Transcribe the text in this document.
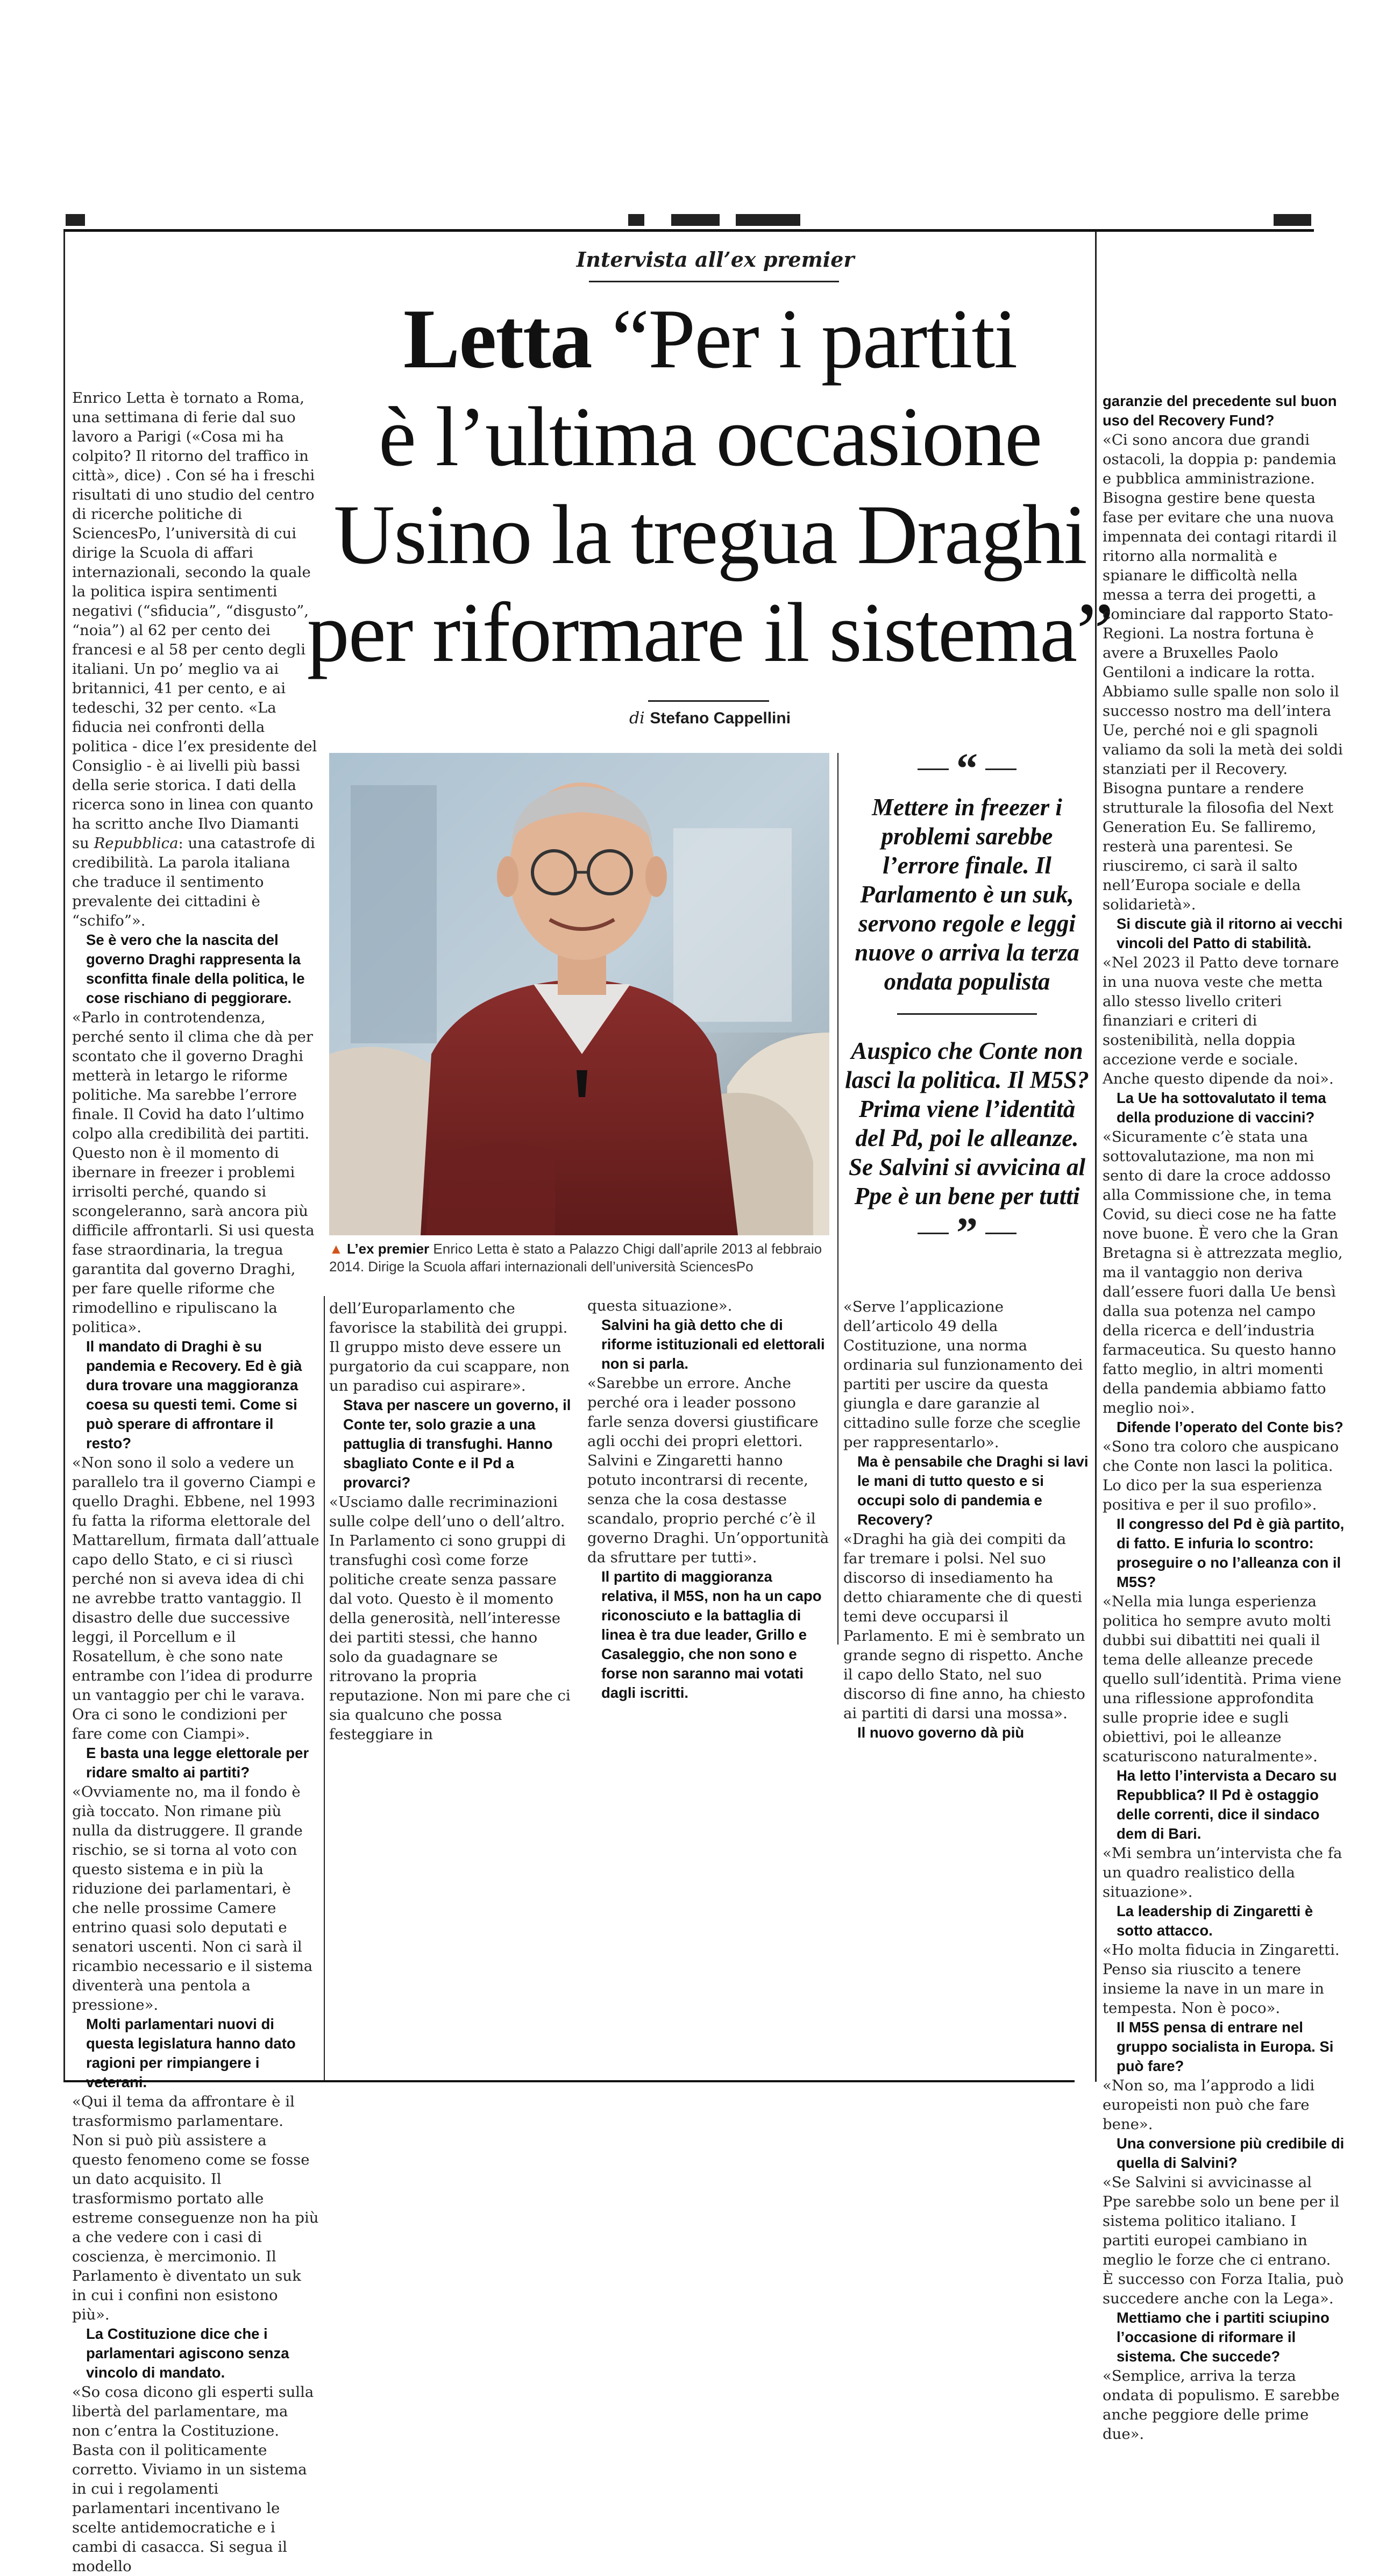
Intervista all’ex premier
Letta “Per i partiti
è l’ultima occasione
Usino la tregua Draghi
per riformare il sistema”
di Stefano Cappellini
▲ L’ex premier Enrico Letta è stato a Palazzo Chigi dall’aprile 2013 al febbraio 2014. Dirige la Scuola affari internazionali dell’università SciencesPo
“
Mettere in freezer i problemi sarebbe l’errore finale. Il Parlamento è un suk, servono regole e leggi nuove o arriva la terza ondata populista
Auspico che Conte non lasci la politica. Il M5S? Prima viene l’identità del Pd, poi le alleanze. Se Salvini si avvicina al Ppe è un bene per tutti
”

Enrico Letta è tornato a Roma, una settimana di ferie dal suo lavoro a Parigi («Cosa mi ha colpito? Il ritorno del traffico in città», dice) . Con sé ha i freschi risultati di uno studio del centro di ricerche politiche di SciencesPo, l’università di cui dirige la Scuola di affari internazionali, secondo la quale la politica ispira sentimenti negativi (“sfiducia”, “disgusto”, “noia”) al 62 per cento dei francesi e al 58 per cento degli italiani. Un po’ meglio va ai britannici, 41 per cento, e ai tedeschi, 32 per cento. «La fiducia nei confronti della politica - dice l’ex presidente del Consiglio - è ai livelli più bassi della serie storica. I dati della ricerca sono in linea con quanto ha scritto anche Ilvo Diamanti su Repubblica: una catastrofe di credibilità. La parola italiana che traduce il sentimento prevalente dei cittadini è “schifo”».

Se è vero che la nascita del governo Draghi rappresenta la sconfitta finale della politica, le cose rischiano di peggiorare.

«Parlo in controtendenza, perché sento il clima che dà per scontato che il governo Draghi metterà in letargo le riforme politiche. Ma sarebbe l’errore finale. Il Covid ha dato l’ultimo colpo alla credibilità dei partiti. Questo non è il momento di ibernare in freezer i problemi irrisolti perché, quando si scongeleranno, sarà ancora più difficile affrontarli. Si usi questa fase straordinaria, la tregua garantita dal governo Draghi, per fare quelle riforme che rimodellino e ripuliscano la politica».

Il mandato di Draghi è su pandemia e Recovery. Ed è già dura trovare una maggioranza coesa su questi temi. Come si può sperare di affrontare il resto?

«Non sono il solo a vedere un parallelo tra il governo Ciampi e quello Draghi. Ebbene, nel 1993 fu fatta la riforma elettorale del Mattarellum, firmata dall’attuale capo dello Stato, e ci si riuscì perché non si aveva idea di chi ne avrebbe tratto vantaggio. Il disastro delle due successive leggi, il Porcellum e il Rosatellum, è che sono nate entrambe con l’idea di produrre un vantaggio per chi le varava. Ora ci sono le condizioni per fare come con Ciampi».

E basta una legge elettorale per ridare smalto ai partiti?

«Ovviamente no, ma il fondo è già toccato. Non rimane più nulla da distruggere. Il grande rischio, se si torna al voto con questo sistema e in più la riduzione dei parlamentari, è che nelle prossime Camere entrino quasi solo deputati e senatori uscenti. Non ci sarà il ricambio necessario e il sistema diventerà una pentola a pressione».

Molti parlamentari nuovi di questa legislatura hanno dato ragioni per rimpiangere i veterani.

«Qui il tema da affrontare è il trasformismo parlamentare. Non si può più assistere a questo fenomeno come se fosse un dato acquisito. Il trasformismo portato alle estreme conseguenze non ha più a che vedere con i casi di coscienza, è mercimonio. Il Parlamento è diventato un suk in cui i confini non esistono più».

La Costituzione dice che i parlamentari agiscono senza vincolo di mandato.

«So cosa dicono gli esperti sulla libertà del parlamentare, ma non c’entra la Costituzione. Basta con il politicamente corretto. Viviamo in un sistema in cui i regolamenti parlamentari incentivano le scelte antidemocratiche e i cambi di casacca. Si segua il modello

dell’Europarlamento che favorisce la stabilità dei gruppi. Il gruppo misto deve essere un purgatorio da cui scappare, non un paradiso cui aspirare».

Stava per nascere un governo, il Conte ter, solo grazie a una pattuglia di transfughi. Hanno sbagliato Conte e il Pd a provarci?

«Usciamo dalle recriminazioni sulle colpe dell’uno o dell’altro. In Parlamento ci sono gruppi di transfughi così come forze politiche create senza passare dal voto. Questo è il momento della generosità, nell’interesse dei partiti stessi, che hanno solo da guadagnare se ritrovano la propria reputazione. Non mi pare che ci sia qualcuno che possa festeggiare in

questa situazione».

Salvini ha già detto che di riforme istituzionali ed elettorali non si parla.

«Sarebbe un errore. Anche perché ora i leader possono farle senza doversi giustificare agli occhi dei propri elettori. Salvini e Zingaretti hanno potuto incontrarsi di recente, senza che la cosa destasse scandalo, proprio perché c’è il governo Draghi. Un’opportunità da sfruttare per tutti».

Il partito di maggioranza relativa, il M5S, non ha un capo riconosciuto e la battaglia di linea è tra due leader, Grillo e Casaleggio, che non sono e forse non saranno mai votati dagli iscritti.

«Serve l’applicazione dell’articolo 49 della Costituzione, una norma ordinaria sul funzionamento dei partiti per uscire da questa giungla e dare garanzie al cittadino sulle forze che sceglie per rappresentarlo».

Ma è pensabile che Draghi si lavi le mani di tutto questo e si occupi solo di pandemia e Recovery?

«Draghi ha già dei compiti da far tremare i polsi. Nel suo discorso di insediamento ha detto chiaramente che di questi temi deve occuparsi il Parlamento. E mi è sembrato un grande segno di rispetto. Anche il capo dello Stato, nel suo discorso di fine anno, ha chiesto ai partiti di darsi una mossa».

Il nuovo governo dà più

garanzie del precedente sul buon uso del Recovery Fund?

«Ci sono ancora due grandi ostacoli, la doppia p: pandemia e pubblica amministrazione. Bisogna gestire bene questa fase per evitare che una nuova impennata dei contagi ritardi il ritorno alla normalità e spianare le difficoltà nella messa a terra dei progetti, a cominciare dal rapporto Stato-Regioni. La nostra fortuna è avere a Bruxelles Paolo Gentiloni a indicare la rotta. Abbiamo sulle spalle non solo il successo nostro ma dell’intera Ue, perché noi e gli spagnoli valiamo da soli la metà dei soldi stanziati per il Recovery. Bisogna puntare a rendere strutturale la filosofia del Next Generation Eu. Se falliremo, resterà una parentesi. Se riusciremo, ci sarà il salto nell’Europa sociale e della solidarietà».

Si discute già il ritorno ai vecchi vincoli del Patto di stabilità.

«Nel 2023 il Patto deve tornare in una nuova veste che metta allo stesso livello criteri finanziari e criteri di sostenibilità, nella doppia accezione verde e sociale. Anche questo dipende da noi».

La Ue ha sottovalutato il tema della produzione di vaccini?

«Sicuramente c’è stata una sottovalutazione, ma non mi sento di dare la croce addosso alla Commissione che, in tema Covid, su dieci cose ne ha fatte nove buone. È vero che la Gran Bretagna si è attrezzata meglio, ma il vantaggio non deriva dall’essere fuori dalla Ue bensì dalla sua potenza nel campo della ricerca e dell’industria farmaceutica. Su questo hanno fatto meglio, in altri momenti della pandemia abbiamo fatto meglio noi».

Difende l’operato del Conte bis?

«Sono tra coloro che auspicano che Conte non lasci la politica. Lo dico per la sua esperienza positiva e per il suo profilo».

Il congresso del Pd è già partito, di fatto. E infuria lo scontro: proseguire o no l’alleanza con il M5S?

«Nella mia lunga esperienza politica ho sempre avuto molti dubbi sui dibattiti nei quali il tema delle alleanze precede quello sull’identità. Prima viene una riflessione approfondita sulle proprie idee e sugli obiettivi, poi le alleanze scaturiscono naturalmente».

Ha letto l’intervista a Decaro su Repubblica? Il Pd è ostaggio delle correnti, dice il sindaco dem di Bari.

«Mi sembra un’intervista che fa un quadro realistico della situazione».

La leadership di Zingaretti è sotto attacco.

«Ho molta fiducia in Zingaretti. Penso sia riuscito a tenere insieme la nave in un mare in tempesta. Non è poco».

Il M5S pensa di entrare nel gruppo socialista in Europa. Si può fare?

«Non so, ma l’approdo a lidi europeisti non può che fare bene».

Una conversione più credibile di quella di Salvini?

«Se Salvini si avvicinasse al Ppe sarebbe solo un bene per il sistema politico italiano. I partiti europei cambiano in meglio le forze che ci entrano. È successo con Forza Italia, può succedere anche con la Lega».

Mettiamo che i partiti sciupino l’occasione di riformare il sistema. Che succede?

«Semplice, arriva la terza ondata di populismo. E sarebbe anche peggiore delle prime due».
